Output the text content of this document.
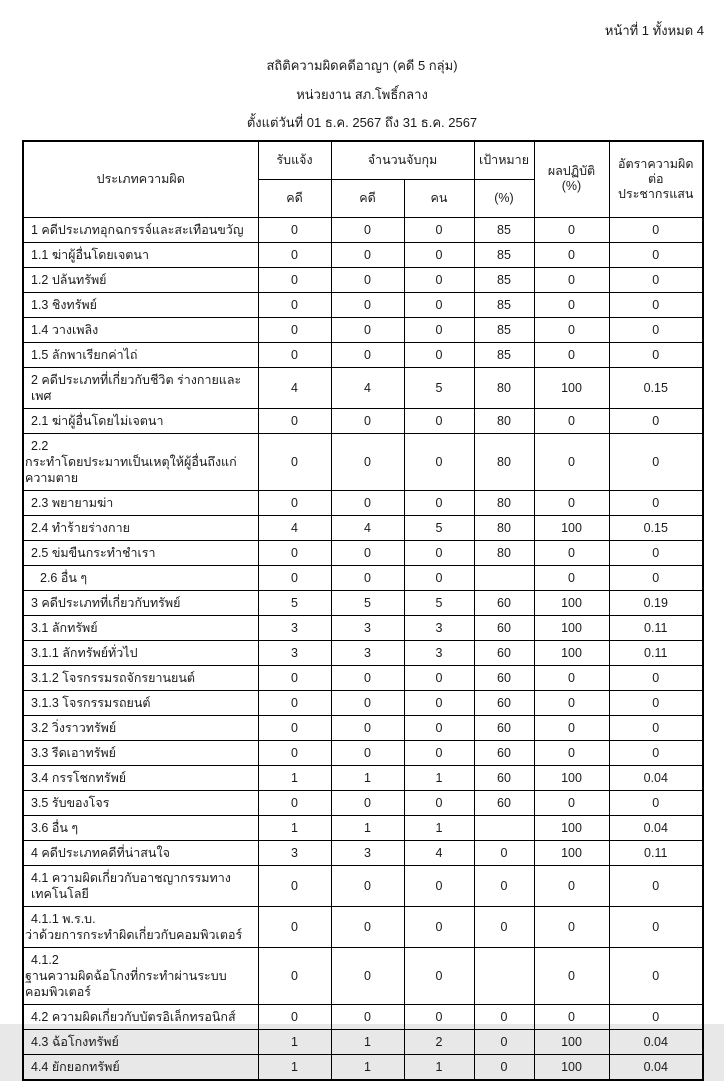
หน้าที่ 1 ทั้งหมด 4
สถิติความผิดคดีอาญา (คดี 5 กลุ่ม)
หน่วยงาน สภ.โพธิ์กลาง
ตั้งแต่วันที่ 01 ธ.ค. 2567 ถึง 31 ธ.ค. 2567
ประเภทความผิด	รับแจ้ง	จำนวนจับกุม		เป้าหมาย	ผลปฏิบัติ (%)	อัตราความผิดต่อ
ประชากรแสน

	คดี	คดี	คน	(%)		
1 คดีประเภทอุกฉกรรจ์และสะเทือนขวัญ	0	0	0	85	0	0
1.1 ฆ่าผู้อื่นโดยเจตนา	0	0	0	85	0	0
1.2 ปล้นทรัพย์	0	0	0	85	0	0
1.3 ชิงทรัพย์	0	0	0	85	0	0
1.4 วางเพลิง	0	0	0	85	0	0
1.5 ลักพาเรียกค่าไถ่	0	0	0	85	0	0
2 คดีประเภทที่เกี่ยวกับชีวิต ร่างกายและเพศ	4	4	5	80	100	0.15
2.1 ฆ่าผู้อื่นโดยไม่เจตนา	0	0	0	80	0	0
2.2
กระทำโดยประมาทเป็นเหตุให้ผู้อื่นถึงแก่ความตาย	0	0	0	80	0	0
2.3 พยายามฆ่า	0	0	0	80	0	0
2.4 ทำร้ายร่างกาย	4	4	5	80	100	0.15
2.5 ข่มขืนกระทำชำเรา	0	0	0	80	0	0
2.6 อื่น ๆ	0	0	0		0	0
3 คดีประเภทที่เกี่ยวกับทรัพย์	5	5	5	60	100	0.19
3.1 ลักทรัพย์	3	3	3	60	100	0.11
3.1.1 ลักทรัพย์ทั่วไป	3	3	3	60	100	0.11
3.1.2 โจรกรรมรถจักรยานยนต์	0	0	0	60	0	0
3.1.3 โจรกรรมรถยนต์	0	0	0	60	0	0
3.2 วิ่งราวทรัพย์	0	0	0	60	0	0
3.3 รีดเอาทรัพย์	0	0	0	60	0	0
3.4 กรรโชกทรัพย์	1	1	1	60	100	0.04
3.5 รับของโจร	0	0	0	60	0	0
3.6 อื่น ๆ	1	1	1		100	0.04
4 คดีประเภทคดีที่น่าสนใจ	3	3	4	0	100	0.11
4.1 ความผิดเกี่ยวกับอาชญากรรมทางเทคโนโลยี	0	0	0	0	0	0
4.1.1 พ.ร.บ.
ว่าด้วยการกระทำผิดเกี่ยวกับคอมพิวเตอร์	0	0	0	0	0	0
4.1.2
ฐานความผิดฉ้อโกงที่กระทำผ่านระบบคอมพิวเตอร์	0	0	0		0	0
4.2 ความผิดเกี่ยวกับบัตรอิเล็กทรอนิกส์	0	0	0	0	0	0
4.3 ฉ้อโกงทรัพย์	1	1	2	0	100	0.04
4.4 ยักยอกทรัพย์	1	1	1	0	100	0.04
